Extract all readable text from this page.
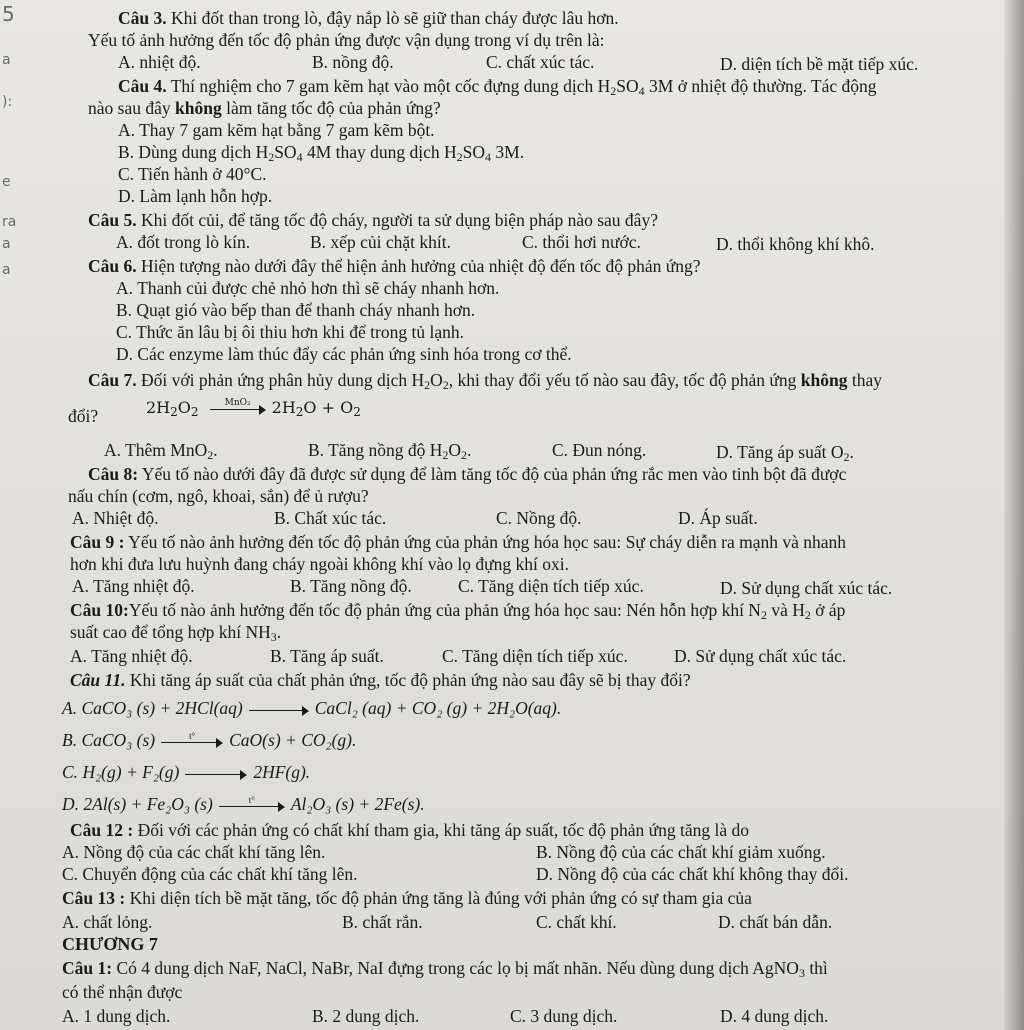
5
a
):
e
ra
a
a
Câu 3. Khi đốt than trong lò, đậy nắp lò sẽ giữ than cháy được lâu hơn.
Yếu tố ảnh hưởng đến tốc độ phản ứng được vận dụng trong ví dụ trên là:
A. nhiệt độ.	B. nồng độ.	C. chất xúc tác.	D. diện tích bề mặt tiếp xúc.
Câu 4. Thí nghiệm cho 7 gam kẽm hạt vào một cốc đựng dung dịch $H_2SO_4$ 3M ở nhiệt độ thường. Tác động
nào sau đây không làm tăng tốc độ của phản ứng?
A. Thay 7 gam kẽm hạt bằng 7 gam kẽm bột.
B. Dùng dung dịch $H_2SO_4$ 4M thay dung dịch $H_2SO_4$ 3M.
C. Tiến hành ở 40°C.
D. Làm lạnh hỗn hợp.
Câu 5. Khi đốt củi, để tăng tốc độ cháy, người ta sử dụng biện pháp nào sau đây?
A. đốt trong lò kín.	B. xếp củi chặt khít.	C. thổi hơi nước.	D. thổi không khí khô.
Câu 6. Hiện tượng nào dưới đây thể hiện ảnh hưởng của nhiệt độ đến tốc độ phản ứng?
A. Thanh củi được chẻ nhỏ hơn thì sẽ cháy nhanh hơn.
B. Quạt gió vào bếp than để thanh cháy nhanh hơn.
C. Thức ăn lâu bị ôi thiu hơn khi để trong tủ lạnh.
D. Các enzyme làm thúc đẩy các phản ứng sinh hóa trong cơ thể.
Câu 7. Đối với phản ứng phân hủy dung dịch $H_2O_2$, khi thay đổi yếu tố nào sau đây, tốc độ phản ứng không thay
đổi?	$2H_2O_2$
MnO₂	$2H_2O + O_2$
A. Thêm MnO$_2$.	B. Tăng nồng độ $H_2O_2$.	C. Đun nóng.	D. Tăng áp suất $O_2$.
Câu 8: Yếu tố nào dưới đây đã được sử dụng để làm tăng tốc độ của phản ứng rắc men vào tinh bột đã được
nấu chín (cơm, ngô, khoai, sắn) để ủ rượu?
A. Nhiệt độ.	B. Chất xúc tác.	C. Nồng độ.	D. Áp suất.
Câu 9 : Yếu tố nào ảnh hưởng đến tốc độ phản ứng của phản ứng hóa học sau: Sự cháy diễn ra mạnh và nhanh
hơn khi đưa lưu huỳnh đang cháy ngoài không khí vào lọ đựng khí oxi.
A. Tăng nhiệt độ.	B. Tăng nồng độ.	C. Tăng diện tích tiếp xúc.	D. Sử dụng chất xúc tác.
Câu 10:Yếu tố nào ảnh hưởng đến tốc độ phản ứng của phản ứng hóa học sau: Nén hỗn hợp khí $N_2$ và $H_2$ ở áp
suất cao để tổng hợp khí $NH_3$.
A. Tăng nhiệt độ.	B. Tăng áp suất.	C. Tăng diện tích tiếp xúc.	D. Sử dụng chất xúc tác.
Câu 11. Khi tăng áp suất của chất phản ứng, tốc độ phản ứng nào sau đây sẽ bị thay đổi?
A. CaCO₃ (s) + 2HCl(aq)	CaCl₂ (aq) + CO₂ (g) + 2H₂O(aq).
B. CaCO₃ (s)	t°	CaO(s) + CO₂(g).
C. H₂(g) + F₂(g)	2HF(g).
D. 2Al(s) + Fe₂O₃ (s)	t°	Al₂O₃ (s) + 2Fe(s).
Câu 12 : Đối với các phản ứng có chất khí tham gia, khi tăng áp suất, tốc độ phản ứng tăng là do
A. Nồng độ của các chất khí tăng lên.	B. Nồng độ của các chất khí giảm xuống.
C. Chuyển động của các chất khí tăng lên.	D. Nồng độ của các chất khí không thay đổi.
Câu 13 : Khi diện tích bề mặt tăng, tốc độ phản ứng tăng là đúng với phản ứng có sự tham gia của
A. chất lỏng.	B. chất rắn.	C. chất khí.	D. chất bán dẫn.
CHƯƠNG 7
Câu 1: Có 4 dung dịch NaF, NaCl, NaBr, NaI đựng trong các lọ bị mất nhãn. Nếu dùng dung dịch AgNO$_3$ thì
có thể nhận được
A. 1 dung dịch.	B. 2 dung dịch.	C. 3 dung dịch.	D. 4 dung dịch.
